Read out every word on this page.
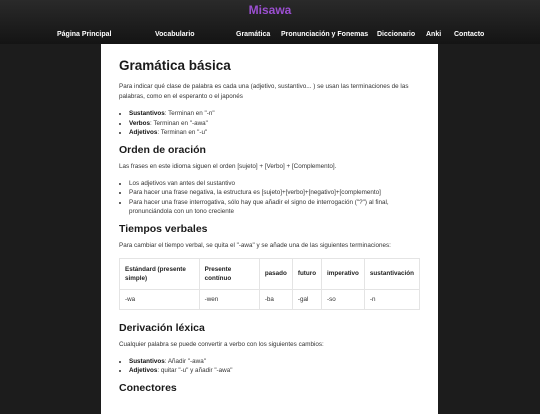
Misawa
Página Principal	Vocabulario	Gramática Pronunciación y Fonemas Diccionario Anki Contacto
Gramática básica

Para indicar qué clase de palabra es cada una (adjetivo, sustantivo... ) se usan las terminaciones de las palabras, como en el esperanto o el japonés

• Sustantivos: Terminan en "-n"
• Verbos: Terminan en "-awa"
• Adjetivos: Terminan en "-u"
Orden de oración

Las frases en este idioma siguen el orden [sujeto] + [Verbo] + [Complemento].

• Los adjetivos van antes del sustantivo
• Para hacer una frase negativa, la estructura es [sujeto]+[verbo]+[negativo]+[complemento]
• Para hacer una frase interrogativa, sólo hay que añadir el signo de interrogación ("?") al final, pronunciándola con un tono creciente
Tiempos verbales

Para cambiar el tiempo verbal, se quita el "-awa" y se añade una de las siguientes terminaciones:

Estándard (presente simple)	Presente contínuo	pasado	futuro	imperativo	sustantivación
-wa	-wen	-ba	-gal	-so	-n
Derivación léxica

Cualquier palabra se puede convertir a verbo con los siguientes cambios:

• Sustantivos: Añadir "-awa"
• Adjetivos: quitar "-u" y añadir "-awa"
Conectores
